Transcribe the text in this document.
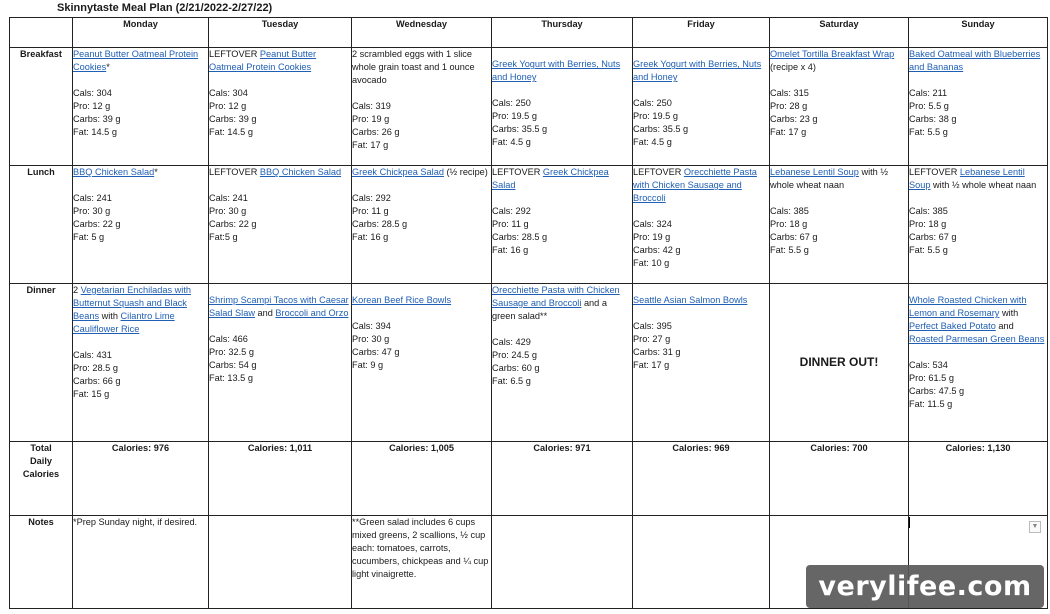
Skinnytaste Meal Plan (2/21/2022-2/27/22)
	Monday	Tuesday	Wednesday	Thursday	Friday	Saturday	Sunday
Breakfast	Peanut Butter Oatmeal Protein Cookies*
Cals: 304
Pro: 12 g
Carbs: 39 g
Fat: 14.5 g	LEFTOVER Peanut Butter Oatmeal Protein Cookies
Cals: 304
Pro: 12 g
Carbs: 39 g
Fat: 14.5 g	2 scrambled eggs with 1 slice whole grain toast and 1 ounce avocado
Cals: 319
Pro: 19 g
Carbs: 26 g
Fat: 17 g	Greek Yogurt with Berries, Nuts and Honey
Cals: 250
Pro: 19.5 g
Carbs: 35.5 g
Fat: 4.5 g	Greek Yogurt with Berries, Nuts and Honey
Cals: 250
Pro: 19.5 g
Carbs: 35.5 g
Fat: 4.5 g	Omelet Tortilla Breakfast Wrap (recipe x 4)
Cals: 315
Pro: 28 g
Carbs: 23 g
Fat: 17 g	Baked Oatmeal with Blueberries and Bananas
Cals: 211
Pro: 5.5 g
Carbs: 38 g
Fat: 5.5 g

Lunch	BBQ Chicken Salad*
Cals: 241
Pro: 30 g
Carbs: 22 g
Fat: 5 g	LEFTOVER BBQ Chicken Salad
Cals: 241
Pro: 30 g
Carbs: 22 g
Fat:5 g	Greek Chickpea Salad (½ recipe)
Cals: 292
Pro: 11 g
Carbs: 28.5 g
Fat: 16 g	LEFTOVER Greek Chickpea Salad
Cals: 292
Pro: 11 g
Carbs: 28.5 g
Fat: 16 g	LEFTOVER Orecchiette Pasta with Chicken Sausage and Broccoli
Cals: 324
Pro: 19 g
Carbs: 42 g
Fat: 10 g	Lebanese Lentil Soup with ½ whole wheat naan
Cals: 385
Pro: 18 g
Carbs: 67 g
Fat: 5.5 g	LEFTOVER Lebanese Lentil Soup with ½ whole wheat naan
Cals: 385
Pro: 18 g
Carbs: 67 g
Fat: 5.5 g

Dinner	2 Vegetarian Enchiladas with Butternut Squash and Black Beans with Cilantro Lime Cauliflower Rice
Cals: 431
Pro: 28.5 g
Carbs: 66 g
Fat: 15 g	Shrimp Scampi Tacos with Caesar Salad Slaw and Broccoli and Orzo
Cals: 466
Pro: 32.5 g
Carbs: 54 g
Fat: 13.5 g	Korean Beef Rice Bowls
Cals: 394
Pro: 30 g
Carbs: 47 g
Fat: 9 g	Orecchiette Pasta with Chicken Sausage and Broccoli and a green salad**
Cals: 429
Pro: 24.5 g
Carbs: 60 g
Fat: 6.5 g	Seattle Asian Salmon Bowls
Cals: 395
Pro: 27 g
Carbs: 31 g
Fat: 17 g	DINNER OUT!	Whole Roasted Chicken with Lemon and Rosemary with Perfect Baked Potato and Roasted Parmesan Green Beans
Cals: 534
Pro: 61.5 g
Carbs: 47.5 g
Fat: 11.5 g

Total
Daily
Calories	Calories: 976	Calories: 1,011	Calories: 1,005	Calories: 971	Calories: 969	Calories: 700	Calories: 1,130
Notes	*Prep Sunday night, if desired.		**Green salad includes 6 cups mixed greens, 2 scallions, ½ cup each: tomatoes, carrots, cucumbers, chickpeas and ¼ cup light vinaigrette.				▼
verylifee.com
